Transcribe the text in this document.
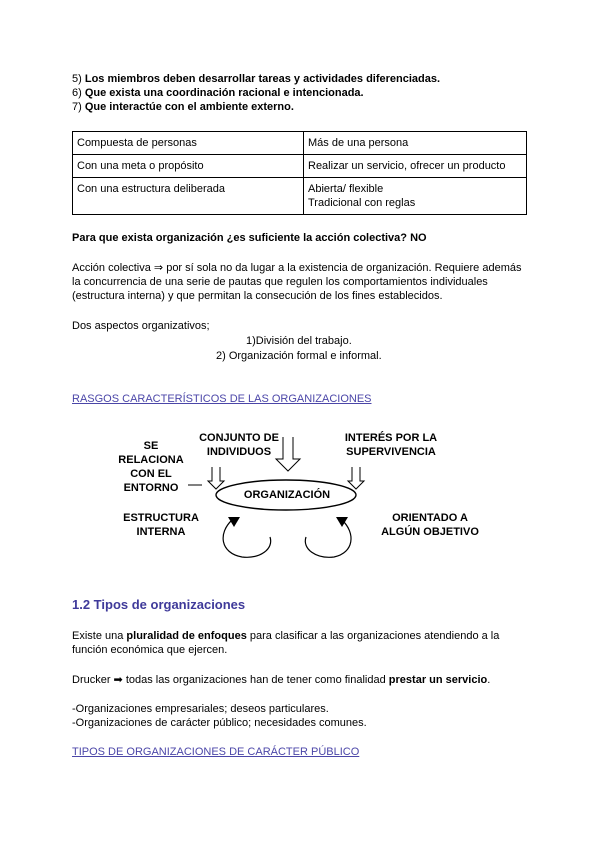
5) Los miembros deben desarrollar tareas y actividades diferenciadas.
6) Que exista una coordinación racional e intencionada.
7) Que interactúe con el ambiente externo.
Compuesta de personas	Más de una persona
Con una meta o propósito	Realizar un servicio, ofrecer un producto
Con una estructura deliberada	Abierta/ flexible
Tradicional con reglas
Para que exista organización ¿es suficiente la acción colectiva? NO
Acción colectiva ⇒ por sí sola no da lugar a la existencia de organización. Requiere además
la concurrencia de una serie de pautas que regulen los comportamientos individuales
(estructura interna) y que permitan la consecución de los fines establecidos.
Dos aspectos organizativos;
1)División del trabajo.
2) Organización formal e informal.
RASGOS CARACTERÍSTICOS DE LAS ORGANIZACIONES
ORGANIZACIÓN
SE
RELACIONA
CON EL
ENTORNO
CONJUNTO DE
INDIVIDUOS
INTERÉS POR LA
SUPERVIVENCIA
ESTRUCTURA
INTERNA
ORIENTADO A
ALGÚN OBJETIVO
1.2 Tipos de organizaciones
Existe una pluralidad de enfoques para clasificar a las organizaciones atendiendo a la
función económica que ejercen.
Drucker ➡ todas las organizaciones han de tener como finalidad prestar un servicio.
-Organizaciones empresariales; deseos particulares.
-Organizaciones de carácter público; necesidades comunes.
TIPOS DE ORGANIZACIONES DE CARÁCTER PÚBLICO
